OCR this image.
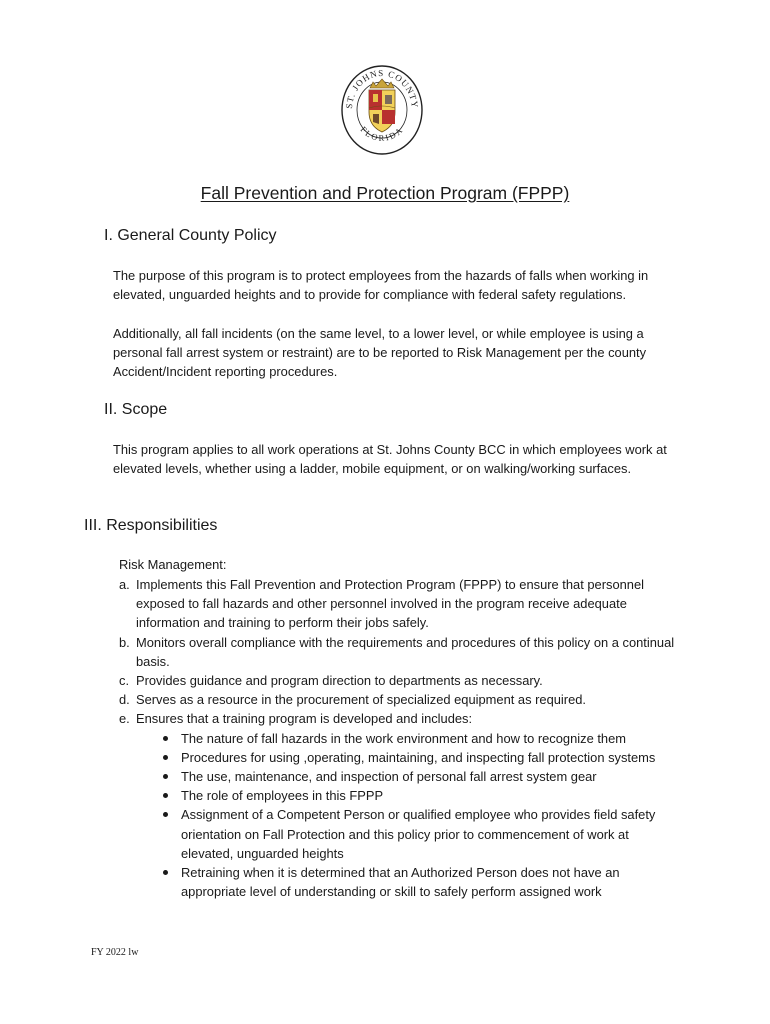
ST. JOHNS COUNTY
FLORIDA
Fall Prevention and Protection Program (FPPP)
I. General County Policy

The purpose of this program is to protect employees from the hazards of falls when working in elevated, unguarded heights and to provide for compliance with federal safety regulations.

Additionally, all fall incidents (on the same level, to a lower level, or while employee is using a personal fall arrest system or restraint) are to be reported to Risk Management per the county Accident/Incident reporting procedures.

II. Scope

This program applies to all work operations at St. Johns County BCC in which employees work at elevated levels, whether using a ladder, mobile equipment, or on walking/working surfaces.

III. Responsibilities
Risk Management:
a. Implements this Fall Prevention and Protection Program (FPPP) to ensure that personnel exposed to fall hazards and other personnel involved in the program receive adequate information and training to perform their jobs safely.
b. Monitors overall compliance with the requirements and procedures of this policy on a continual basis.
c. Provides guidance and program direction to departments as necessary.
d. Serves as a resource in the procurement of specialized equipment as required.
e. Ensures that a training program is developed and includes:
The nature of fall hazards in the work environment and how to recognize them
Procedures for using ,operating, maintaining, and inspecting fall protection systems
The use, maintenance, and inspection of personal fall arrest system gear
The role of employees in this FPPP
Assignment of a Competent Person or qualified employee who provides field safety orientation on Fall Protection and this policy prior to commencement of work at elevated, unguarded heights
Retraining when it is determined that an Authorized Person does not have an appropriate level of understanding or skill to safely perform assigned work
FY 2022 lw
